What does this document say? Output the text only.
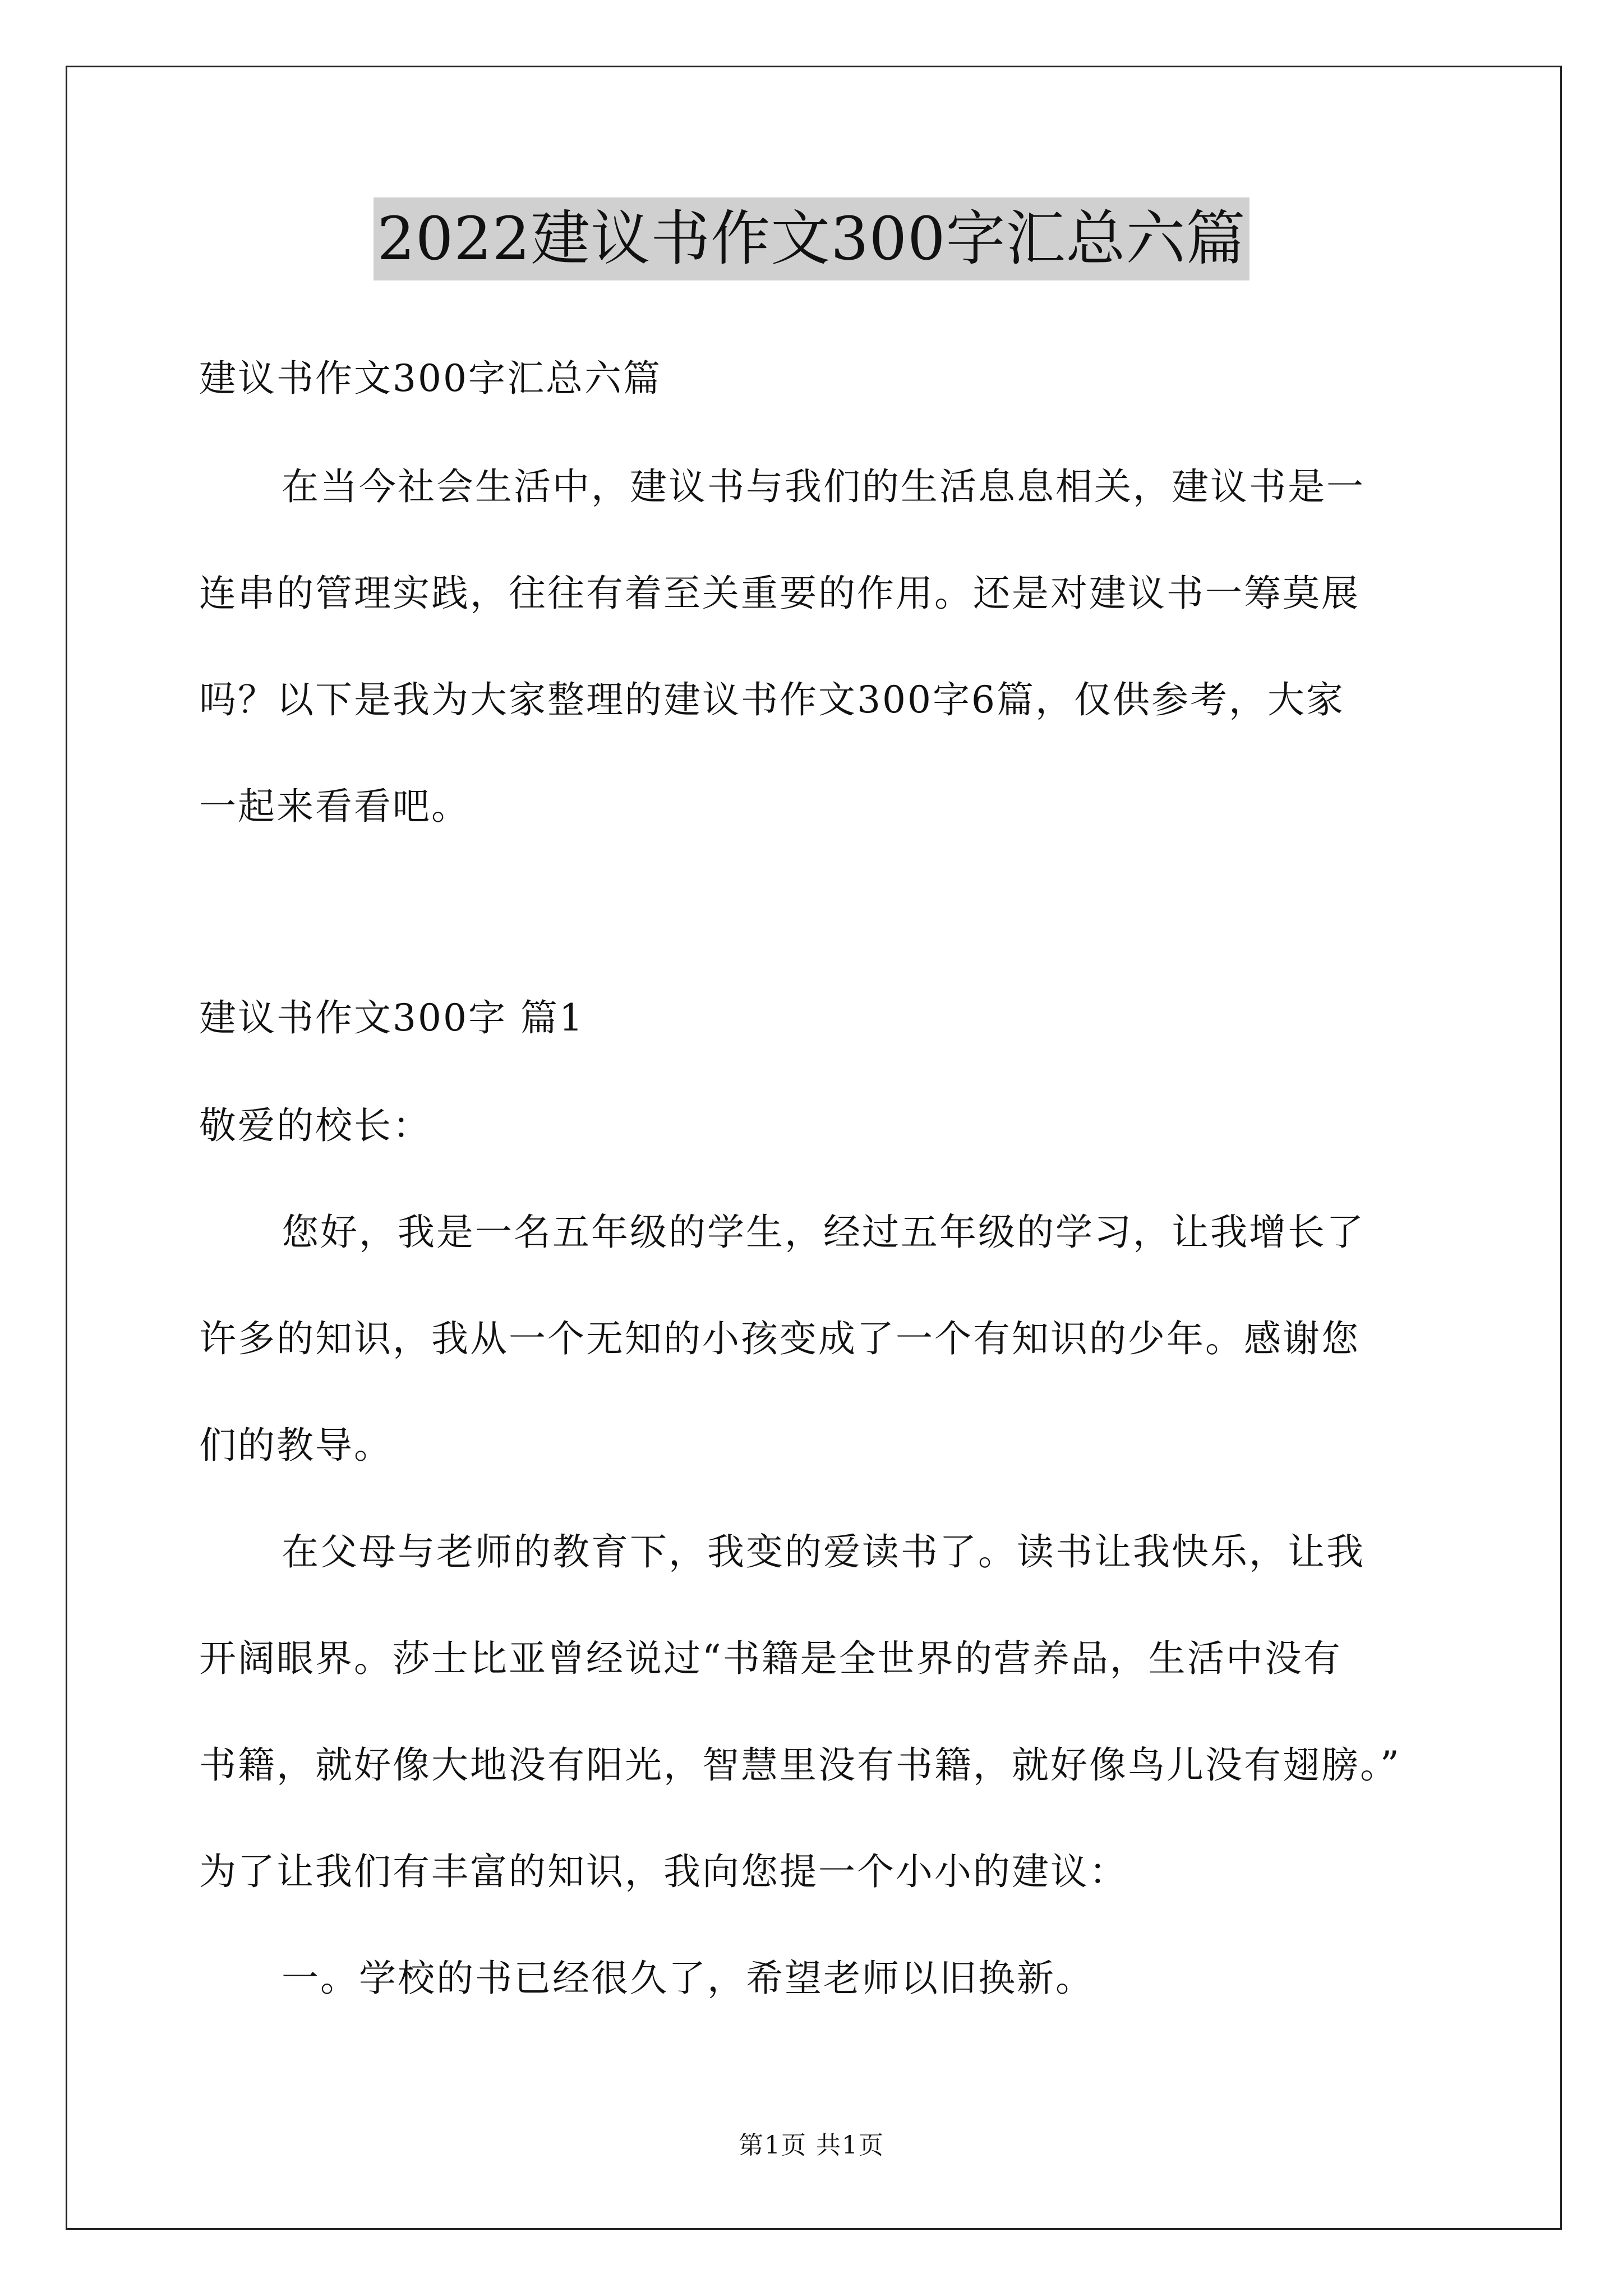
2022建议书作文300字汇总六篇
建议书作文300字汇总六篇
在当今社会生活中，建议书与我们的生活息息相关，建议书是一
连串的管理实践，往往有着至关重要的作用。还是对建议书一筹莫展
吗？以下是我为大家整理的建议书作文300字6篇，仅供参考，大家
一起来看看吧。
建议书作文300字 篇1
敬爱的校长：
您好，我是一名五年级的学生，经过五年级的学习，让我增长了
许多的知识，我从一个无知的小孩变成了一个有知识的少年。感谢您
们的教导。
在父母与老师的教育下，我变的爱读书了。读书让我快乐，让我
开阔眼界。莎士比亚曾经说过“书籍是全世界的营养品，生活中没有
书籍，就好像大地没有阳光，智慧里没有书籍，就好像鸟儿没有翅膀。”
为了让我们有丰富的知识，我向您提一个小小的建议：
一。学校的书已经很久了，希望老师以旧换新。
第1页 共1页
